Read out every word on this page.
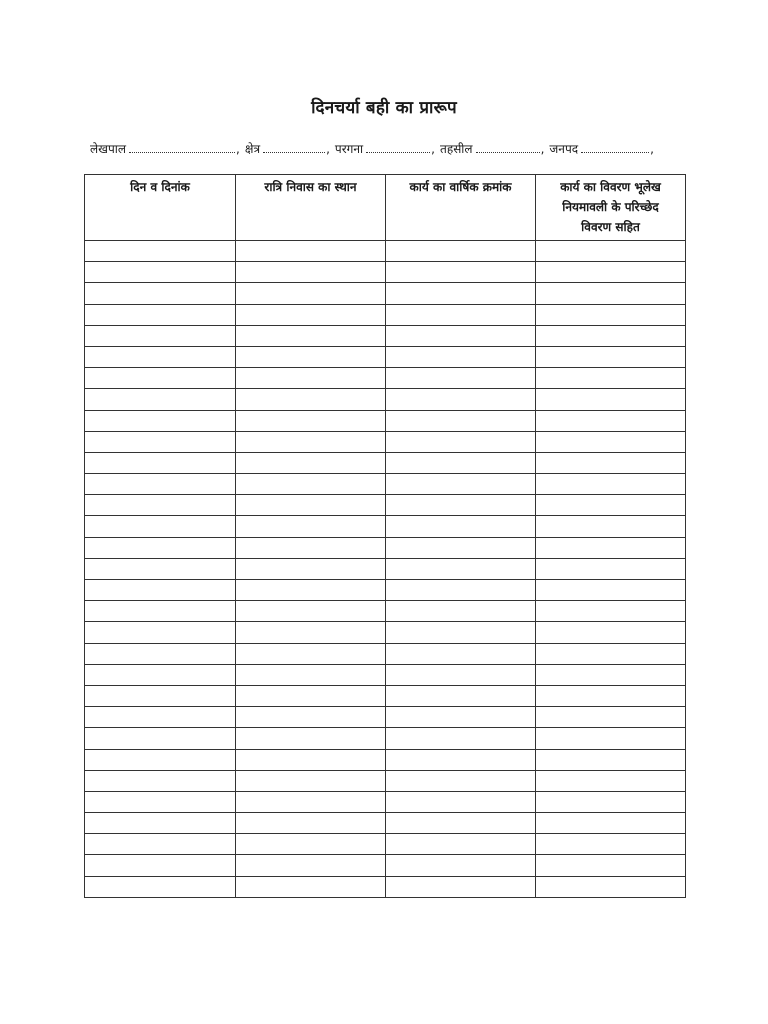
दिनचर्या बही का प्रारूप
लेखपाल	, क्षेत्र	, परगना	, तहसील	, जनपद	,
दिन व दिनांक	रात्रि निवास का स्थान	कार्य का वार्षिक क्रमांक	कार्य का विवरण भूलेख
नियमावली के परिच्छेद
विवरण सहित
